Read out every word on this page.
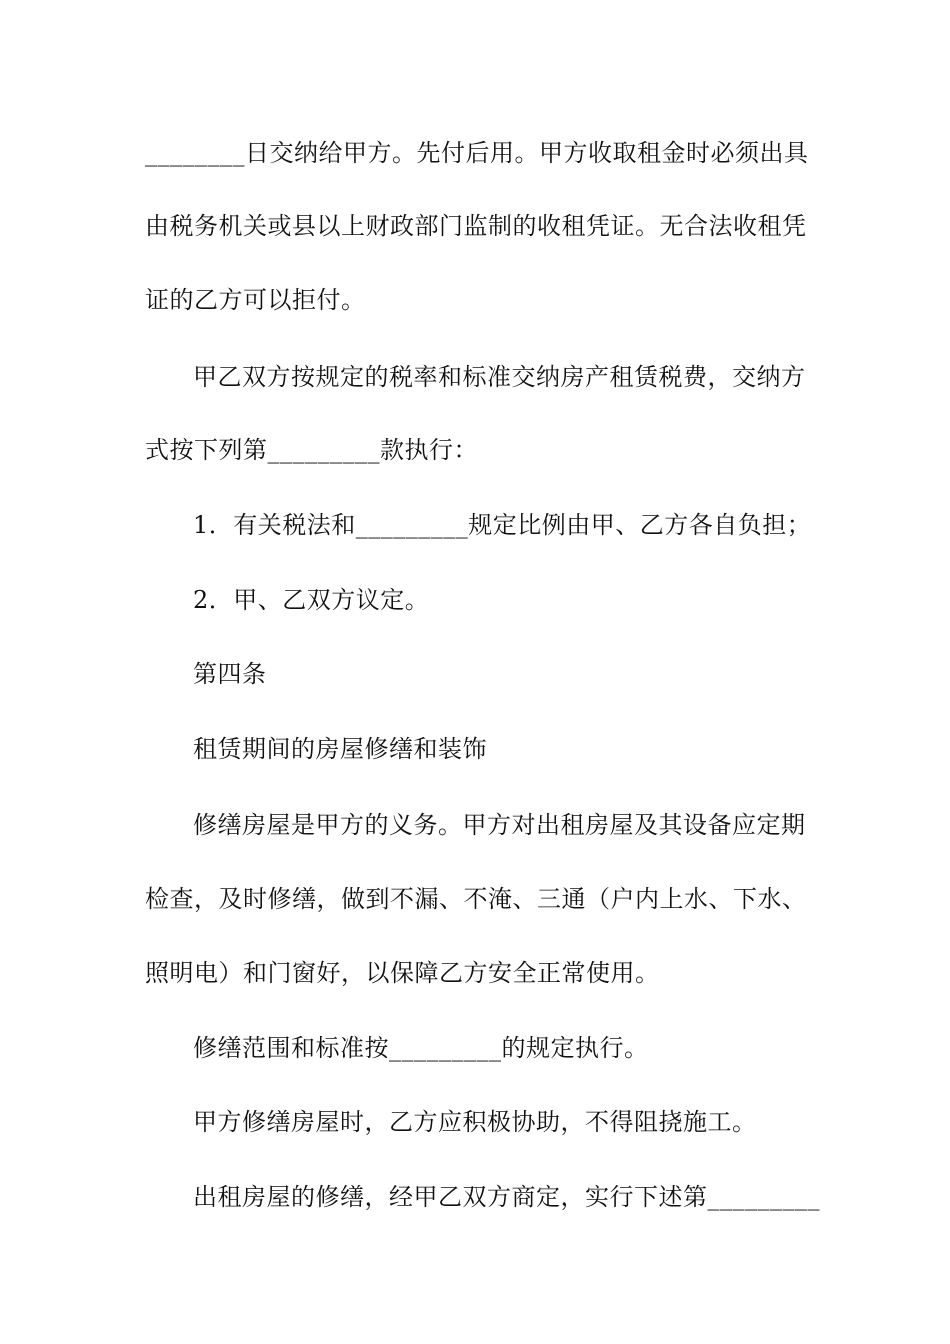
________日交纳给甲方。先付后用。甲方收取租金时必须出具
由税务机关或县以上财政部门监制的收租凭证。无合法收租凭
证的乙方可以拒付。
甲乙双方按规定的税率和标准交纳房产租赁税费，交纳方
式按下列第_________款执行：
1．有关税法和_________规定比例由甲、乙方各自负担；
2．甲、乙双方议定。
第四条
租赁期间的房屋修缮和装饰
修缮房屋是甲方的义务。甲方对出租房屋及其设备应定期
检查，及时修缮，做到不漏、不淹、三通（户内上水、下水、
照明电）和门窗好，以保障乙方安全正常使用。
修缮范围和标准按_________的规定执行。
甲方修缮房屋时，乙方应积极协助，不得阻挠施工。
出租房屋的修缮，经甲乙双方商定，实行下述第_________
